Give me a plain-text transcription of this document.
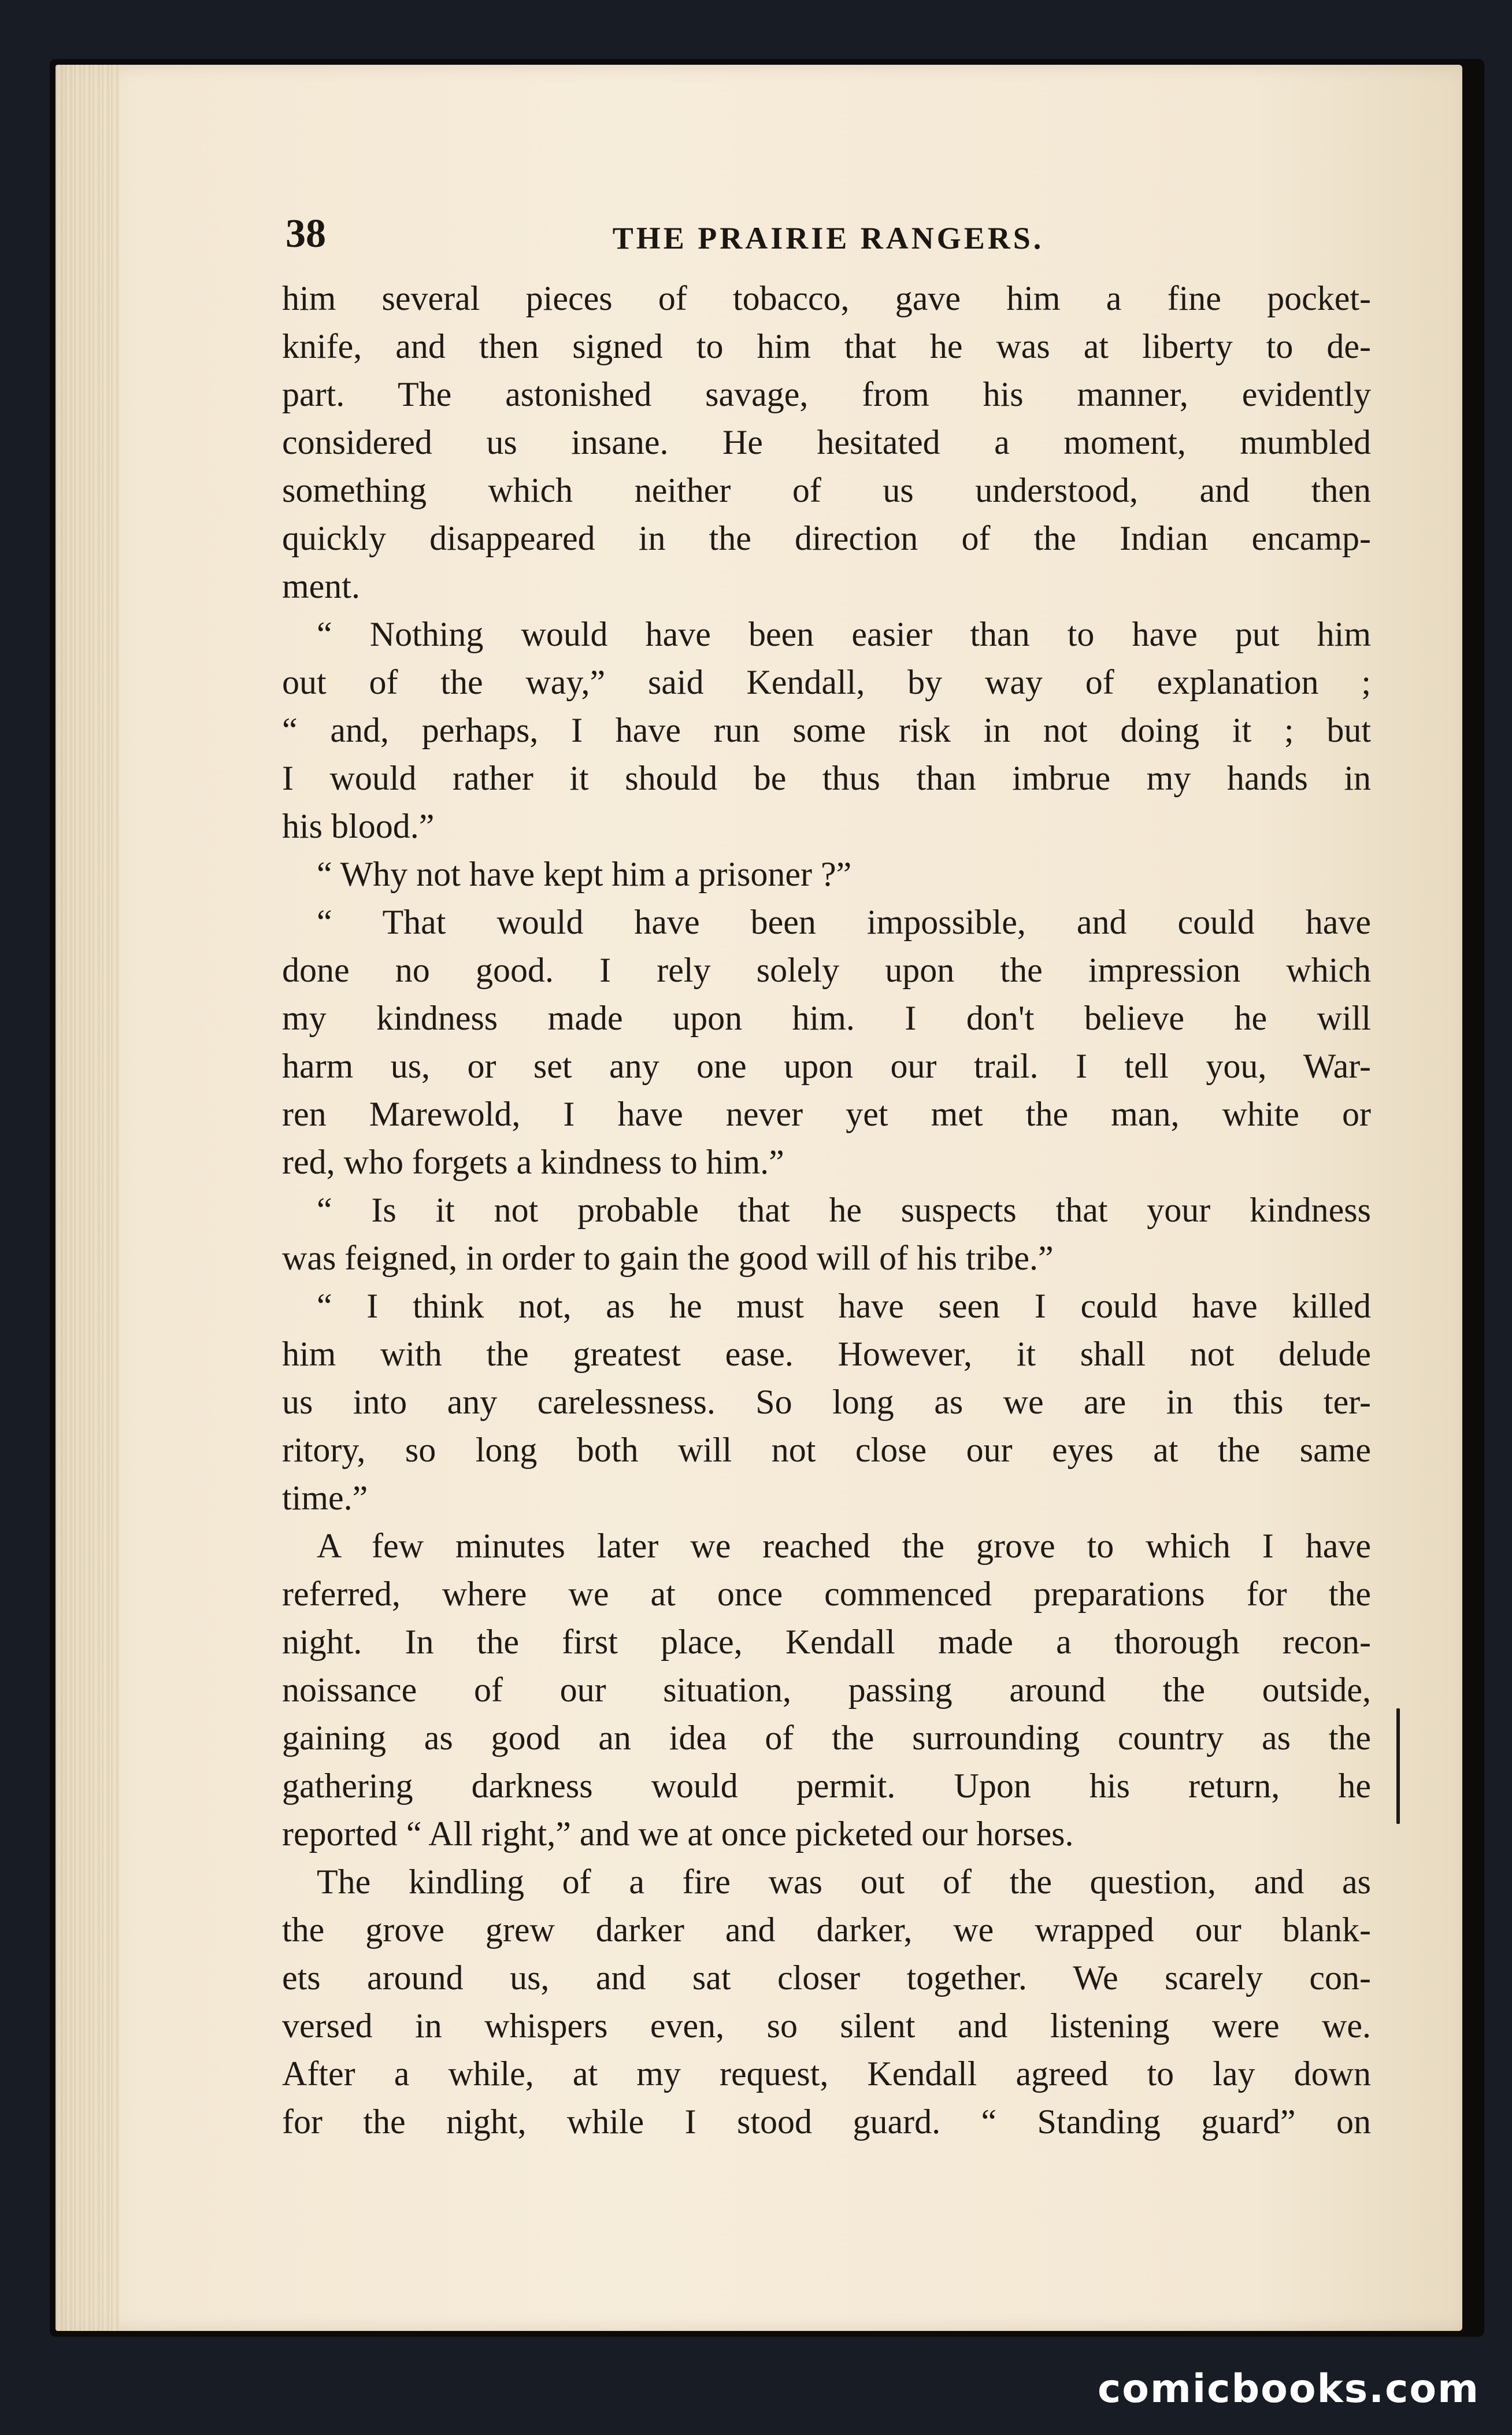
38	THE PRAIRIE RANGERS.
him several pieces of tobacco, gave him a fine pocket-
knife, and then signed to him that he was at liberty to de-
part. The astonished savage, from his manner, evidently
considered us insane. He hesitated a moment, mumbled
something which neither of us understood, and then
quickly disappeared in the direction of the Indian encamp-
ment.
“ Nothing would have been easier than to have put him
out of the way,” said Kendall, by way of explanation ;
“ and, perhaps, I have run some risk in not doing it ; but
I would rather it should be thus than imbrue my hands in
his blood.”
“ Why not have kept him a prisoner ?”
“ That would have been impossible, and could have
done no good. I rely solely upon the impression which
my kindness made upon him. I don't believe he will
harm us, or set any one upon our trail. I tell you, War-
ren Marewold, I have never yet met the man, white or
red, who forgets a kindness to him.”
“ Is it not probable that he suspects that your kindness
was feigned, in order to gain the good will of his tribe.”
“ I think not, as he must have seen I could have killed
him with the greatest ease. However, it shall not delude
us into any carelessness. So long as we are in this ter-
ritory, so long both will not close our eyes at the same
time.”
A few minutes later we reached the grove to which I have
referred, where we at once commenced preparations for the
night. In the first place, Kendall made a thorough recon-
noissance of our situation, passing around the outside,
gaining as good an idea of the surrounding country as the
gathering darkness would permit. Upon his return, he
reported “ All right,” and we at once picketed our horses.
The kindling of a fire was out of the question, and as
the grove grew darker and darker, we wrapped our blank-
ets around us, and sat closer together. We scarely con-
versed in whispers even, so silent and listening were we.
After a while, at my request, Kendall agreed to lay down
for the night, while I stood guard. “ Standing guard” on
comicbooks.com
